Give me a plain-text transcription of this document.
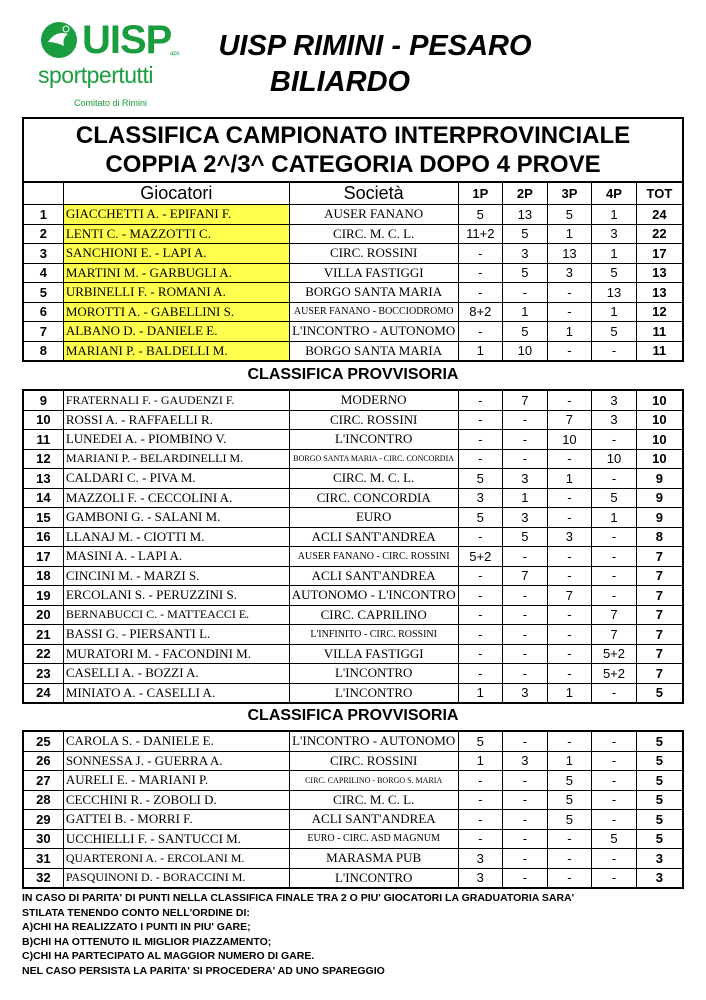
UISP
aps
sportpertutti
Comitato di Rimini
UISP RIMINI - PESARO
BILIARDO
CLASSIFICA CAMPIONATO INTERPROVINCIALE
COPPIA 2^/3^ CATEGORIA DOPO 4 PROVE
	Giocatori	Società	1P	2P	3P	4P	TOT
1	GIACCHETTI A. - EPIFANI F.	AUSER FANANO	5	13	5	1	24
2	LENTI C. - MAZZOTTI C.	CIRC. M. C. L.	11+2	5	1	3	22
3	SANCHIONI E. - LAPI A.	CIRC. ROSSINI	-	3	13	1	17
4	MARTINI M. - GARBUGLI A.	VILLA FASTIGGI	-	5	3	5	13
5	URBINELLI F. - ROMANI A.	BORGO SANTA MARIA	-	-	-	13	13
6	MOROTTI A. - GABELLINI S.	AUSER FANANO - BOCCIODROMO	8+2	1	-	1	12
7	ALBANO D. - DANIELE E.	L'INCONTRO - AUTONOMO	-	5	1	5	11
8	MARIANI P. - BALDELLI M.	BORGO SANTA MARIA	1	10	-	-	11
CLASSIFICA PROVVISORIA
9	FRATERNALI F. - GAUDENZI F.	MODERNO	-	7	-	3	10
10	ROSSI A. - RAFFAELLI R.	CIRC. ROSSINI	-	-	7	3	10
11	LUNEDEI A. - PIOMBINO V.	L'INCONTRO	-	-	10	-	10
12	MARIANI P. - BELARDINELLI M.	BORGO SANTA MARIA - CIRC. CONCORDIA	-	-	-	10	10
13	CALDARI C. - PIVA M.	CIRC. M. C. L.	5	3	1	-	9
14	MAZZOLI F. - CECCOLINI A.	CIRC. CONCORDIA	3	1	-	5	9
15	GAMBONI G. - SALANI M.	EURO	5	3	-	1	9
16	LLANAJ M. - CIOTTI M.	ACLI SANT'ANDREA	-	5	3	-	8
17	MASINI A. - LAPI A.	AUSER FANANO - CIRC. ROSSINI	5+2	-	-	-	7
18	CINCINI M. - MARZI S.	ACLI SANT'ANDREA	-	7	-	-	7
19	ERCOLANI S. - PERUZZINI S.	AUTONOMO - L'INCONTRO	-	-	7	-	7
20	BERNABUCCI C. - MATTEACCI E.	CIRC. CAPRILINO	-	-	-	7	7
21	BASSI G. - PIERSANTI L.	L'INFINITO - CIRC. ROSSINI	-	-	-	7	7
22	MURATORI M. - FACONDINI M.	VILLA FASTIGGI	-	-	-	5+2	7
23	CASELLI A. - BOZZI A.	L'INCONTRO	-	-	-	5+2	7
24	MINIATO A. - CASELLI A.	L'INCONTRO	1	3	1	-	5
CLASSIFICA PROVVISORIA
25	CAROLA S. - DANIELE E.	L'INCONTRO - AUTONOMO	5	-	-	-	5
26	SONNESSA J. - GUERRA A.	CIRC. ROSSINI	1	3	1	-	5
27	AURELI E. - MARIANI P.	CIRC. CAPRILINO - BORGO S. MARIA	-	-	5	-	5
28	CECCHINI R. - ZOBOLI D.	CIRC. M. C. L.	-	-	5	-	5
29	GATTEI B. - MORRI F.	ACLI SANT'ANDREA	-	-	5	-	5
30	UCCHIELLI F. - SANTUCCI M.	EURO - CIRC. ASD MAGNUM	-	-	-	5	5
31	QUARTERONI A. - ERCOLANI M.	MARASMA PUB	3	-	-	-	3
32	PASQUINONI D. - BORACCINI M.	L'INCONTRO	3	-	-	-	3
IN CASO DI PARITA' DI PUNTI NELLA CLASSIFICA FINALE TRA 2 O PIU' GIOCATORI LA GRADUATORIA SARA'
STILATA TENENDO CONTO NELL'ORDINE DI:
A)CHI HA REALIZZATO I PUNTI IN PIU' GARE;
B)CHI HA OTTENUTO IL MIGLIOR PIAZZAMENTO;
C)CHI HA PARTECIPATO AL MAGGIOR NUMERO DI GARE.
NEL CASO PERSISTA LA PARITA' SI PROCEDERA' AD UNO SPAREGGIO
